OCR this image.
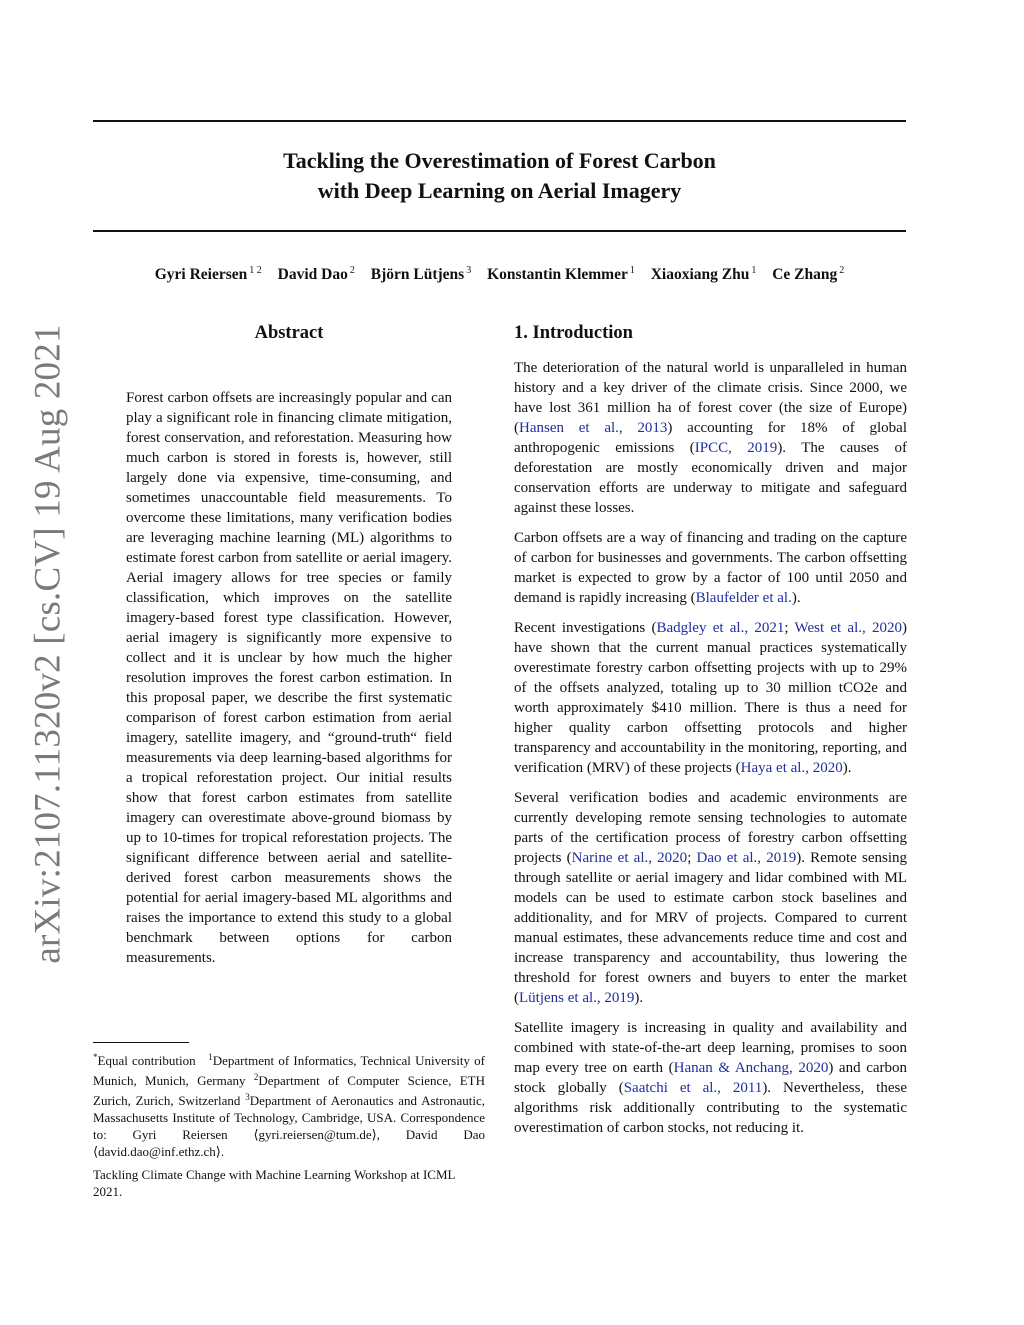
arXiv:2107.11320v2 [cs.CV] 19 Aug 2021
Tackling the Overestimation of Forest Carbon
with Deep Learning on Aerial Imagery

Gyri Reiersen $^{1 2}$ David Dao $^2$ Björn Lütjens $^3$ Konstantin Klemmer $^1$ Xiaoxiang Zhu $^1$ Ce Zhang $^2$

Abstract

Forest carbon offsets are increasingly popular and can play a significant role in financing climate mitigation, forest conservation, and reforestation. Measuring how much carbon is stored in forests is, however, still largely done via expensive, time-consuming, and sometimes unaccountable field measurements. To overcome these limitations, many verification bodies are leveraging machine learning (ML) algorithms to estimate forest carbon from satellite or aerial imagery. Aerial imagery allows for tree species or family classification, which improves on the satellite imagery-based forest type classification. However, aerial imagery is significantly more expensive to collect and it is unclear by how much the higher resolution improves the forest carbon estimation. In this proposal paper, we describe the first systematic comparison of forest carbon estimation from aerial imagery, satellite imagery, and “ground-truth“ field measurements via deep learning-based algorithms for a tropical reforestation project. Our initial results show that forest carbon estimates from satellite imagery can overestimate above-ground biomass by up to 10-times for tropical reforestation projects. The significant difference between aerial and satellite-derived forest carbon measurements shows the potential for aerial imagery-based ML algorithms and raises the importance to extend this study to a global benchmark between options for carbon measurements.

*Equal contribution $^1$Department of Informatics, Technical University of Munich, Munich, Germany $^2$Department of Computer Science, ETH Zurich, Zurich, Switzerland $^3$Department of Aeronautics and Astronautic, Massachusetts Institute of Technology, Cambridge, USA. Correspondence to: Gyri Reiersen ⟨gyri.reiersen@tum.de⟩, David Dao ⟨david.dao@inf.ethz.ch⟩.

Tackling Climate Change with Machine Learning Workshop at ICML 2021.

1. Introduction

The deterioration of the natural world is unparalleled in human history and a key driver of the climate crisis. Since 2000, we have lost 361 million ha of forest cover (the size of Europe) (Hansen et al., 2013) accounting for 18% of global anthropogenic emissions (IPCC, 2019). The causes of deforestation are mostly economically driven and major conservation efforts are underway to mitigate and safeguard against these losses.

Carbon offsets are a way of financing and trading on the capture of carbon for businesses and governments. The carbon offsetting market is expected to grow by a factor of 100 until 2050 and demand is rapidly increasing (Blaufelder et al.).

Recent investigations (Badgley et al., 2021; West et al., 2020) have shown that the current manual practices systematically overestimate forestry carbon offsetting projects with up to 29% of the offsets analyzed, totaling up to 30 million tCO2e and worth approximately $410 million. There is thus a need for higher quality carbon offsetting protocols and higher transparency and accountability in the monitoring, reporting, and verification (MRV) of these projects (Haya et al., 2020).

Several verification bodies and academic environments are currently developing remote sensing technologies to automate parts of the certification process of forestry carbon offsetting projects (Narine et al., 2020; Dao et al., 2019). Remote sensing through satellite or aerial imagery and lidar combined with ML models can be used to estimate carbon stock baselines and additionality, and for MRV of projects. Compared to current manual estimates, these advancements reduce time and cost and increase transparency and accountability, thus lowering the threshold for forest owners and buyers to enter the market (Lütjens et al., 2019).

Satellite imagery is increasing in quality and availability and combined with state-of-the-art deep learning, promises to soon map every tree on earth (Hanan & Anchang, 2020) and carbon stock globally (Saatchi et al., 2011). Nevertheless, these algorithms risk additionally contributing to the systematic overestimation of carbon stocks, not reducing it.
